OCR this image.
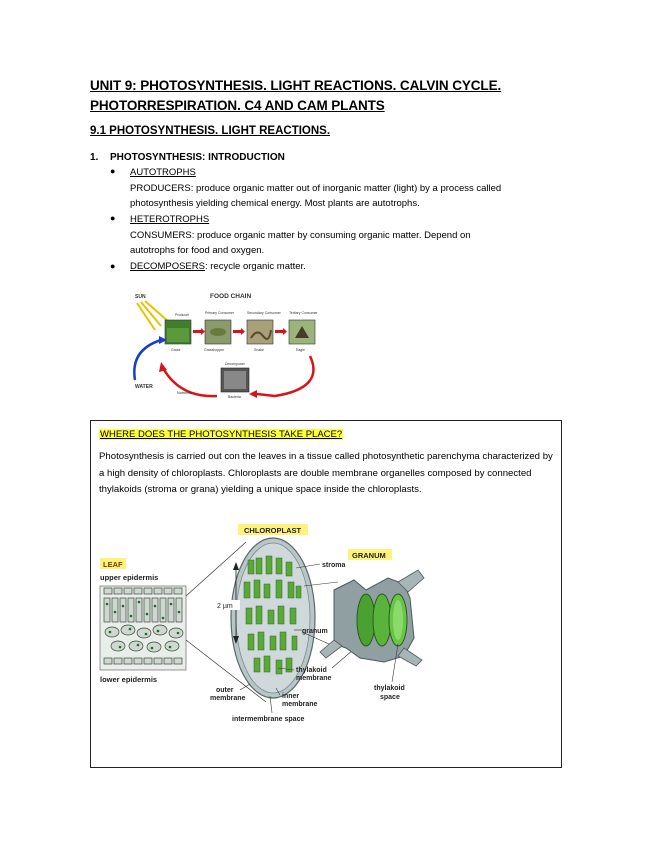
UNIT 9: PHOTOSYNTHESIS. LIGHT REACTIONS. CALVIN CYCLE.
PHOTORRESPIRATION. C4 AND CAM PLANTS
9.1 PHOTOSYNTHESIS. LIGHT REACTIONS.
1. PHOTOSYNTHESIS: INTRODUCTION
● AUTOTROPHS
PRODUCERS: produce organic matter out of inorganic matter (light) by a process called
photosynthesis yielding chemical energy. Most plants are autotrophs.
● HETEROTROPHS
CONSUMERS: produce organic matter by consuming organic matter. Depend on
autotrophs for food and oxygen.
● DECOMPOSERS: recycle organic matter.
FOOD CHAIN
SUN
Producer
Grass
Primary Consumer
Grasshopper
Secondary Consumer
Snake
Tertiary Consumer
Eagle
Decomposer
Bacteria
Nutrients
WATER
WHERE DOES THE PHOTOSYNTHESIS TAKE PLACE?
Photosynthesis is carried out con the leaves in a tissue called photosynthetic parenchyma characterized by a high density of chloroplasts. Chloroplasts are double membrane organelles composed by connected thylakoids (stroma or grana) yielding a unique space inside the chloroplasts.
CHLOROPLAST
GRANUM
LEAF
upper epidermis
lower epidermis
2 µm
stroma
granum
thylakoid
membrane
outer
membrane	inner
membrane
intermembrane space
thylakoid
space
